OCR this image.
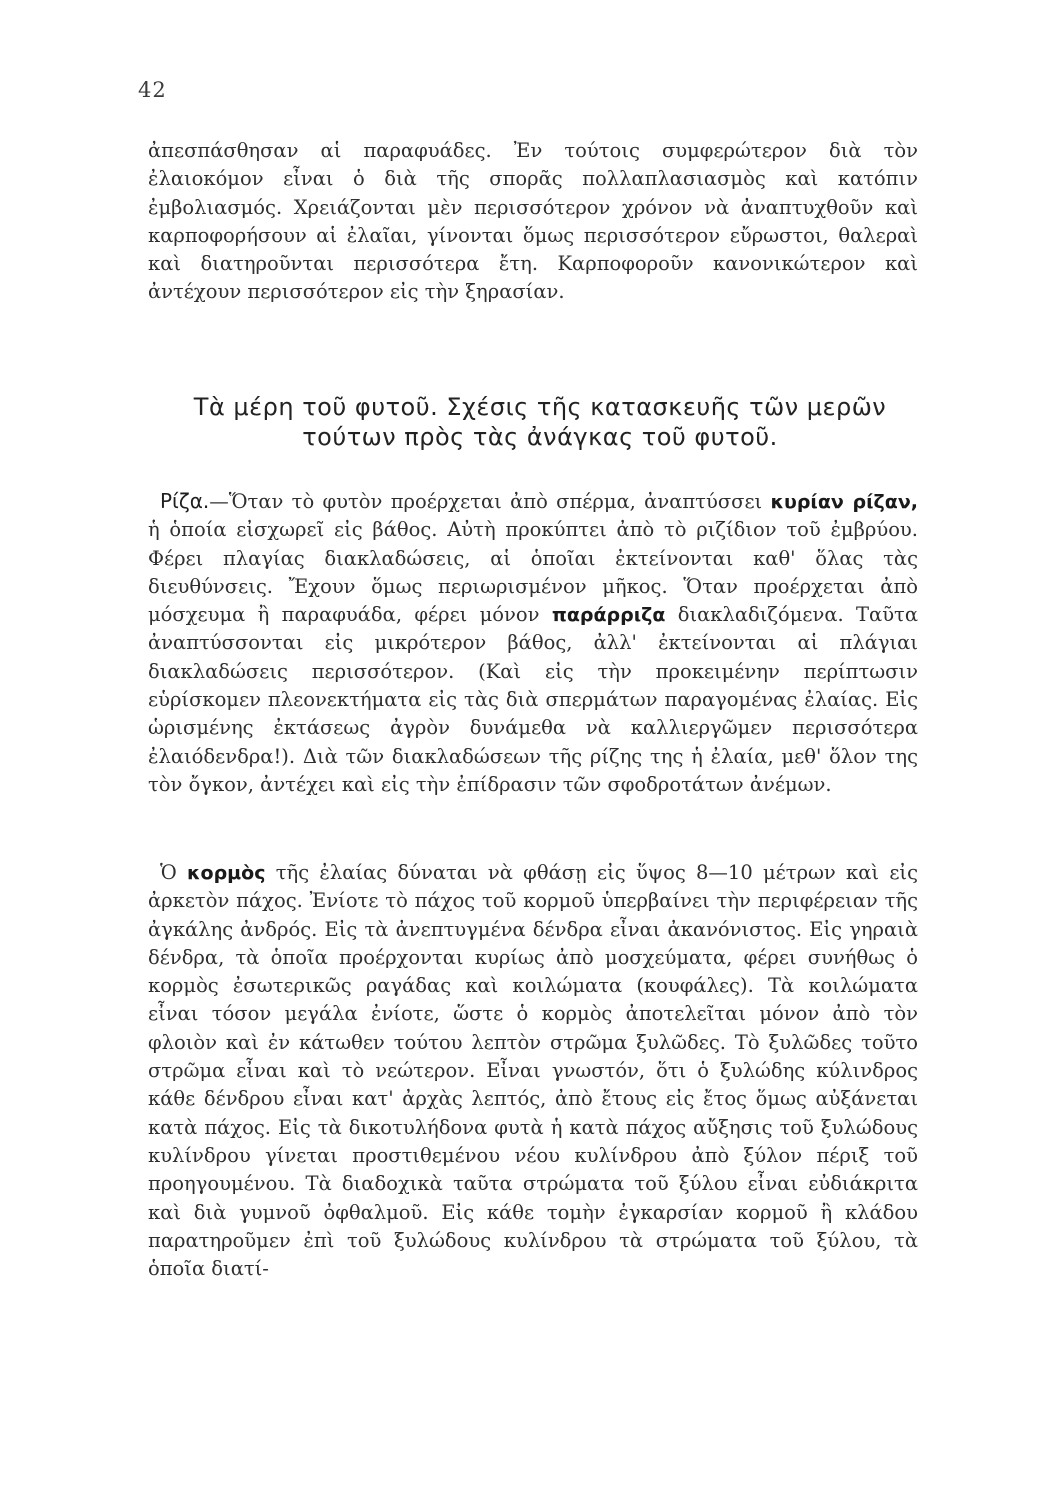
42

ἀπεσπάσθησαν αἱ παραφυάδες. Ἐν τούτοις συμφερώτερον διὰ τὸν ἐλαιοκόμον εἶναι ὁ διὰ τῆς σπορᾶς πολλαπλασιασμὸς καὶ κατόπιν ἐμβολιασμός. Χρειάζονται μὲν περισσότερον χρόνον νὰ ἀναπτυχθοῦν καὶ καρποφορήσουν αἱ ἐλαῖαι, γίνονται ὅμως περισσότερον εὔρωστοι, θαλεραὶ καὶ διατηροῦνται περισσότερα ἔτη. Καρποφοροῦν κανονικώτερον καὶ ἀντέχουν περισσότερον εἰς τὴν ξηρασίαν.

Τὰ μέρη τοῦ φυτοῦ. Σχέσις τῆς κατασκευῆς τῶν μερῶν
τούτων πρὸς τὰς ἀνάγκας τοῦ φυτοῦ.

Ρίζα.—Ὅταν τὸ φυτὸν προέρχεται ἀπὸ σπέρμα, ἀναπτύσσει κυρίαν ρίζαν, ἡ ὁποία εἰσχωρεῖ εἰς βάθος. Αὐτὴ προκύπτει ἀπὸ τὸ ριζίδιον τοῦ ἐμβρύου. Φέρει πλαγίας διακλαδώσεις, αἱ ὁποῖαι ἐκτείνονται καθ' ὅλας τὰς διευθύνσεις. Ἔχουν ὅμως περιωρισμένον μῆκος. Ὅταν προέρχεται ἀπὸ μόσχευμα ἢ παραφυάδα, φέρει μόνον παράρριζα διακλαδιζόμενα. Ταῦτα ἀναπτύσσονται εἰς μικρότερον βάθος, ἀλλ' ἐκτείνονται αἱ πλάγιαι διακλαδώσεις περισσότερον. (Καὶ εἰς τὴν προκειμένην περίπτωσιν εὑρίσκομεν πλεονεκτήματα εἰς τὰς διὰ σπερμάτων παραγομένας ἐλαίας. Εἰς ὡρισμένης ἐκτάσεως ἀγρὸν δυνάμεθα νὰ καλλιεργῶμεν περισσότερα ἐλαιόδενδρα!). Διὰ τῶν διακλαδώσεων τῆς ρίζης της ἡ ἐλαία, μεθ' ὅλον της τὸν ὄγκον, ἀντέχει καὶ εἰς τὴν ἐπίδρασιν τῶν σφοδροτάτων ἀνέμων.

Ὁ κορμὸς τῆς ἐλαίας δύναται νὰ φθάσῃ εἰς ὕψος 8—10 μέτρων καὶ εἰς ἀρκετὸν πάχος. Ἐνίοτε τὸ πάχος τοῦ κορμοῦ ὑπερβαίνει τὴν περιφέρειαν τῆς ἀγκάλης ἀνδρός. Εἰς τὰ ἀνεπτυγμένα δένδρα εἶναι ἀκανόνιστος. Εἰς γηραιὰ δένδρα, τὰ ὁποῖα προέρχονται κυρίως ἀπὸ μοσχεύματα, φέρει συνήθως ὁ κορμὸς ἐσωτερικῶς ραγάδας καὶ κοιλώματα (κουφάλες). Τὰ κοιλώματα εἶναι τόσον μεγάλα ἐνίοτε, ὥστε ὁ κορμὸς ἀποτελεῖται μόνον ἀπὸ τὸν φλοιὸν καὶ ἐν κάτωθεν τούτου λεπτὸν στρῶμα ξυλῶδες. Τὸ ξυλῶδες τοῦτο στρῶμα εἶναι καὶ τὸ νεώτερον. Εἶναι γνωστόν, ὅτι ὁ ξυλώδης κύλινδρος κάθε δένδρου εἶναι κατ' ἀρχὰς λεπτός, ἀπὸ ἔτους εἰς ἔτος ὅμως αὐξάνεται κατὰ πάχος. Εἰς τὰ δικοτυλήδονα φυτὰ ἡ κατὰ πάχος αὔξησις τοῦ ξυλώδους κυλίνδρου γίνεται προστιθεμένου νέου κυλίνδρου ἀπὸ ξύλον πέριξ τοῦ προηγουμένου. Τὰ διαδοχικὰ ταῦτα στρώματα τοῦ ξύλου εἶναι εὐδιάκριτα καὶ διὰ γυμνοῦ ὀφθαλμοῦ. Εἰς κάθε τομὴν ἐγκαρσίαν κορμοῦ ἢ κλάδου παρατηροῦμεν ἐπὶ τοῦ ξυλώδους κυλίνδρου τὰ στρώματα τοῦ ξύλου, τὰ ὁποῖα διατί-
